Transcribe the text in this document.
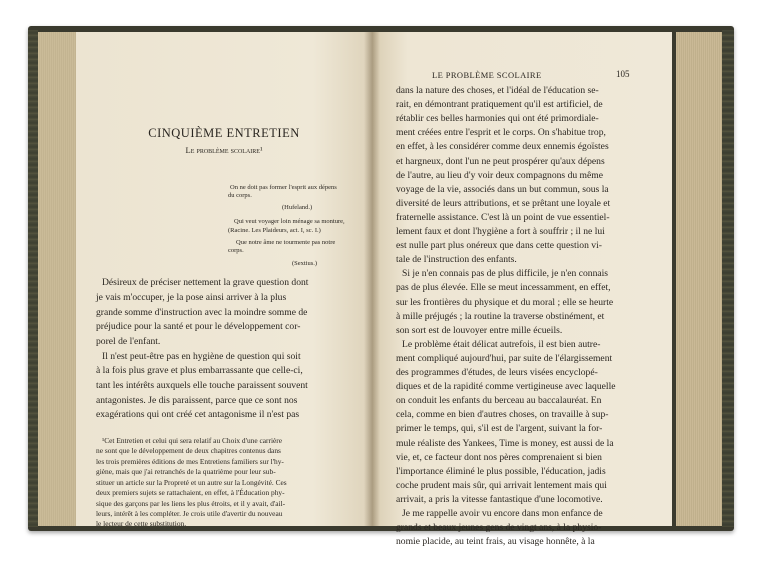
CINQUIÈME ENTRETIEN
Le problème scolaire¹
On ne doit pas former l'esprit aux dépens
du corps.
(Hufeland.)
Qui veut voyager loin ménage sa monture,
(Racine. Les Plaideurs, act. I, sc. I.)
Que notre âme ne tourmente pas notre
corps.
(Sextius.)
Désireux de préciser nettement la grave question dont
je vais m'occuper, je la pose ainsi arriver à la plus
grande somme d'instruction avec la moindre somme de
préjudice pour la santé et pour le développement cor-
porel de l'enfant.
Il n'est peut-être pas en hygiène de question qui soit
à la fois plus grave et plus embarrassante que celle-ci,
tant les intérêts auxquels elle touche paraissent souvent
antagonistes. Je dis paraissent, parce que ce sont nos
exagérations qui ont créé cet antagonisme il n'est pas
¹Cet Entretien et celui qui sera relatif au Choix d'une carrière
ne sont que le développement de deux chapitres contenus dans
les trois premières éditions de mes Entretiens familiers sur l'hy-
giène, mais que j'ai retranchés de la quatrième pour leur sub-
stituer un article sur la Propreté et un autre sur la Longévité. Ces
deux premiers sujets se rattachaient, en effet, à l'Éducation phy-
sique des garçons par les liens les plus étroits, et il y avait, d'ail-
leurs, intérêt à les compléter. Je crois utile d'avertir du nouveau
le lecteur de cette substitution.
LE PROBLÈME SCOLAIRE	105
dans la nature des choses, et l'idéal de l'éducation se-
rait, en démontrant pratiquement qu'il est artificiel, de
rétablir ces belles harmonies qui ont été primordiale-
ment créées entre l'esprit et le corps. On s'habitue trop,
en effet, à les considérer comme deux ennemis égoïstes
et hargneux, dont l'un ne peut prospérer qu'aux dépens
de l'autre, au lieu d'y voir deux compagnons du même
voyage de la vie, associés dans un but commun, sous la
diversité de leurs attributions, et se prêtant une loyale et
fraternelle assistance. C'est là un point de vue essentiel-
lement faux et dont l'hygiène a fort à souffrir ; il ne lui
est nulle part plus onéreux que dans cette question vi-
tale de l'instruction des enfants.
Si je n'en connais pas de plus difficile, je n'en connais
pas de plus élevée. Elle se meut incessamment, en effet,
sur les frontières du physique et du moral ; elle se heurte
à mille préjugés ; la routine la traverse obstinément, et
son sort est de louvoyer entre mille écueils.
Le problème était délicat autrefois, il est bien autre-
ment compliqué aujourd'hui, par suite de l'élargissement
des programmes d'études, de leurs visées encyclopé-
diques et de la rapidité comme vertigineuse avec laquelle
on conduit les enfants du berceau au baccalauréat. En
cela, comme en bien d'autres choses, on travaille à sup-
primer le temps, qui, s'il est de l'argent, suivant la for-
mule réaliste des Yankees, Time is money, est aussi de la
vie, et, ce facteur dont nos pères comprenaient si bien
l'importance éliminé le plus possible, l'éducation, jadis
coche prudent mais sûr, qui arrivait lentement mais qui
arrivait, a pris la vitesse fantastique d'une locomotive.
Je me rappelle avoir vu encore dans mon enfance de
grands et beaux jeunes gens de vingt ans, à la physio-
nomie placide, au teint frais, au visage honnête, à la
